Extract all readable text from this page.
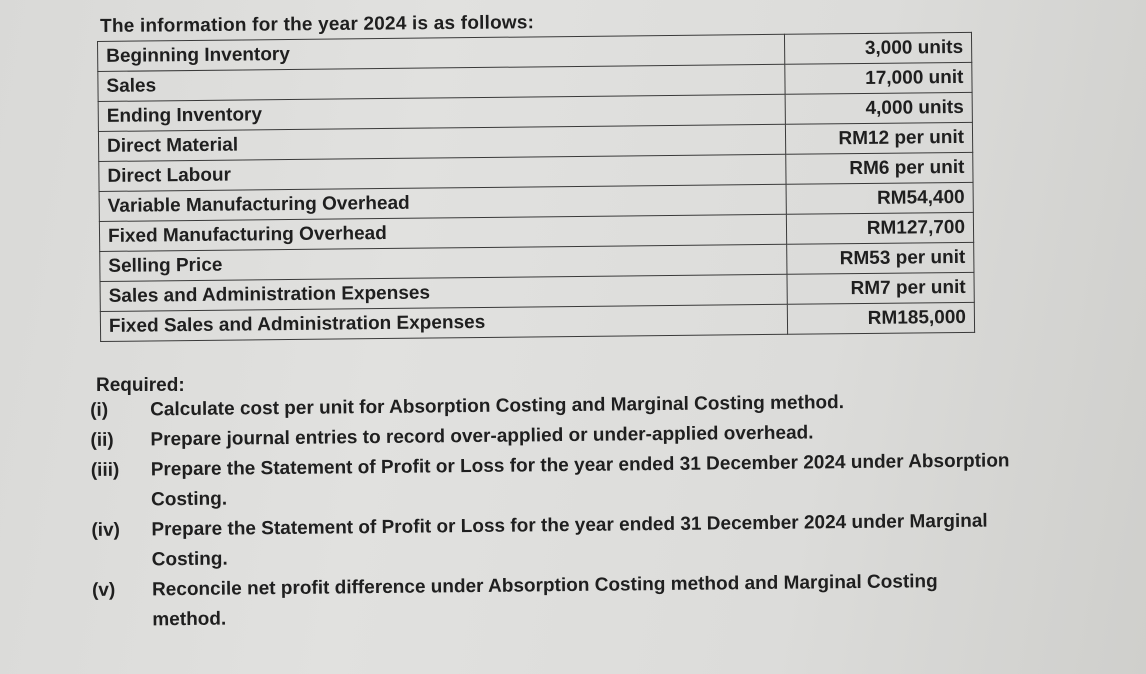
The information for the year 2024 is as follows:
Beginning Inventory	3,000 units
Sales	17,000 unit
Ending Inventory	4,000 units
Direct Material	RM12 per unit
Direct Labour	RM6 per unit
Variable Manufacturing Overhead	RM54,400
Fixed Manufacturing Overhead	RM127,700
Selling Price	RM53 per unit
Sales and Administration Expenses	RM7 per unit
Fixed Sales and Administration Expenses	RM185,000
Required:
(i) Calculate cost per unit for Absorption Costing and Marginal Costing method.
(ii) Prepare journal entries to record over-applied or under-applied overhead.
(iii) Prepare the Statement of Profit or Loss for the year ended 31 December 2024 under Absorption Costing.
(iv) Prepare the Statement of Profit or Loss for the year ended 31 December 2024 under Marginal Costing.
(v) Reconcile net profit difference under Absorption Costing method and Marginal Costing method.
